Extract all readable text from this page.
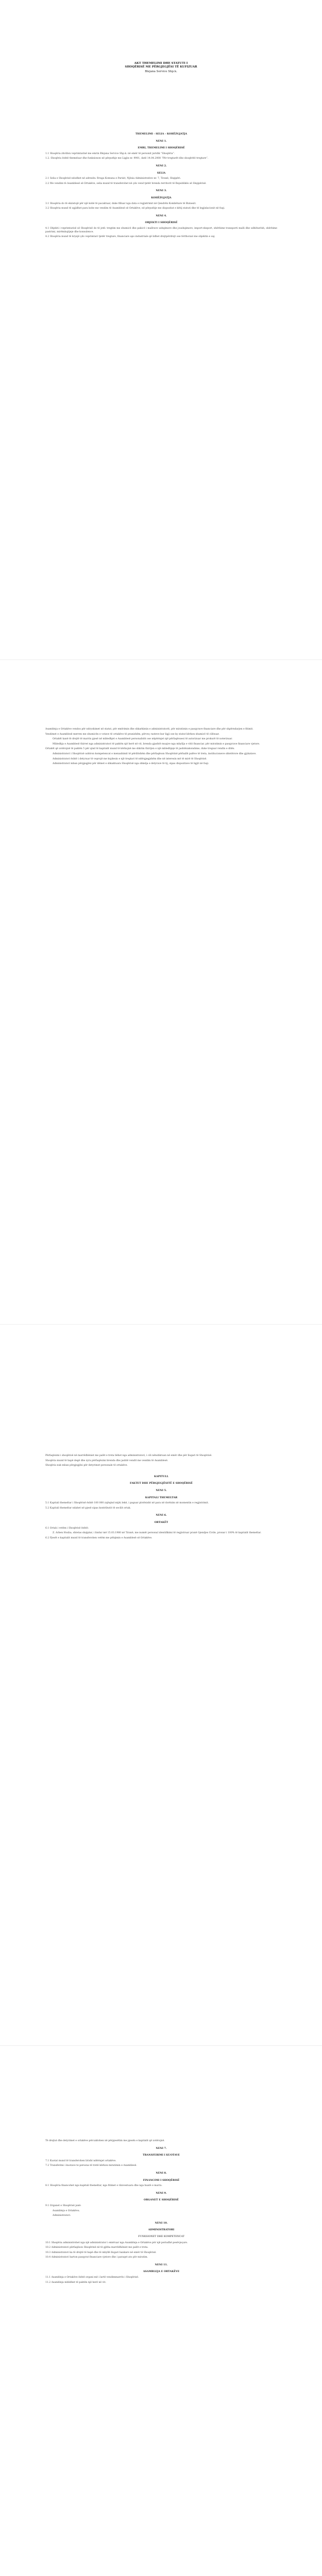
AKT THEMELIMI DHE STATUTI I
SHOQËRISË ME PËRGJEGJËSI TË KUFIZUAR
Blejana Service Shp.k.
THEMELIMI - SELIA - KOHËZGJATJA
NENI 1.
EMRI, THEMELIMI I SHOQËRISË
1.1 Shoqëria zhvillon veprimtarinë me emrin Blejana Service Shp.k. në emër të personit juridik “Shoqëria”.
1.2. Shoqëria është themeluar dhe funksionon në përputhje me Ligjin nr. 9901, datë 14.04.2008 “Për tregtarët dhe shoqëritë tregtare”.
NENI 2.
SELIA
2.1 Selia e Shoqërisë ndodhet në adresën: Rruga Komuna e Parisit, Njësia Administrative nr. 7, Tiranë, Shqipëri.
2.2 Me vendim të Asamblesë së Ortakëve, selia mund të transferohet në çdo vend tjetër brenda territorit të Republikës së Shqipërisë.
NENI 3.
KOHËZGJATJA
3.1 Shoqëria do të ekzistojë për një kohë të pacaktuar, duke filluar nga data e regjistrimit në Qendrën Kombëtare të Biznesit.
3.2 Shoqëria mund të zgjidhet para kohe me vendim të Asamblesë së Ortakëve, në përputhje me dispozitat e këtij statuti dhe të legjislacionit në fuqi.
NENI 4.
OBJEKTI I SHOQËRISË
4.1 Objekti i veprimtarisë së Shoqërisë do të jetë: tregtim me shumicë dhe pakicë i mallrave ushqimore dhe joushqimore, import-eksport, shërbime transporti malli dhe udhëtarësh, shërbime pastrimi, mirëmbajtjeje dhe konsulence.
4.2 Shoqëria mund të kryejë çdo veprimtari tjetër tregtare, financiare apo industriale që lidhet drejtpërdrejt ose tërthorazi me objektin e saj.
Asambleja e Ortakëve vendos për ndryshimet në statut, për emërimin dhe shkarkimin e administratorit, për miratimin e pasqyrave financiare dhe për shpërndarjen e fitimit.
Vendimet e Asamblesë merren me shumicën e votave të ortakëve të pranishëm, përveç rasteve kur ligji ose ky statut kërkon shumicë të cilësuar.
Ortakët kanë të drejtë të marrin pjesë në mbledhjet e Asamblesë personalisht ose nëpërmjet një përfaqësuesi të autorizuar me prokurë të noterizuar.
Mbledhja e Asamblesë thirret nga administratori të paktën një herë në vit, brenda gjashtë muajve nga mbyllja e vitit financiar, për miratimin e pasqyrave financiare vjetore.
Ortakët që zotërojnë të paktën 5 për qind të kapitalit mund të kërkojnë me shkrim thirrjen e një mbledhjeje të jashtëzakonshme, duke treguar rendin e ditës.
Administratori i Shoqërisë ushtron kompetencat e menaxhimit të përditshëm dhe përfaqëson Shoqërinë përballë palëve të treta, institucioneve shtetërore dhe gjykatave.
Administratori është i detyruar të veprojë me kujdesin e një tregtari të ndërgjegjshëm dhe në interesin më të mirë të Shoqërisë.
Administratori mban përgjegjësi për dëmet e shkaktuara Shoqërisë nga shkelja e detyrave të tij, sipas dispozitave të ligjit në fuqi.
Përfaqësimi i shoqërisë në marrëdhëniet me palët e treta bëhet nga administratori, i cili nënshkruan në emër dhe për llogari të Shoqërisë.
Shoqëria mund të hapë degë dhe zyra përfaqësimi brenda dhe jashtë vendit me vendim të Asamblesë.
Shoqëria nuk mban përgjegjësi për detyrimet personale të ortakëve.
KAPITULL
FAKTET DHE PËRGJEGJËSITË E SHOQËRISË
NENI 5.
KAPITALI THEMELTAR
5.1 Kapitali themeltar i Shoqërisë është 100 000 (njëqind mijë) lekë, i paguar plotësisht në para në dorëzim në momentin e regjistrimit.
5.2 Kapitali themeltar ndahet në pjesë sipas kontributit të secilit ortak.
NENI 6.
ORTAKËT
6.1 Ortak i vetëm i Shoqërisë është:
Z. Arben Hoxha, shtetas shqiptar, i lindur më 15.03.1980 në Tiranë, me numër personal identifikimi të regjistruar pranë Gjendjes Civile, pronar i 100% të kapitalit themeltar.
6.2 Pjesët e kapitalit mund të transferohen vetëm me pëlqimin e Asamblesë së Ortakëve.
Të drejtat dhe detyrimet e ortakëve përcaktohen në përpjesëtim me pjesën e kapitalit që zotërojnë.
NENI 7.
TRANSFERIMI I KUOTAVE
7.1 Kuotat mund të transferohen lirisht ndërmjet ortakëve.
7.2 Transferimi i kuotave te persona të tretë kërkon miratimin e Asamblesë.
NENI 8.
FINANCIMI I SHOQËRISË
8.1 Shoqëria financohet nga kapitali themeltar, nga fitimet e riinvestuara dhe nga huatë e marra.
NENI 9.
ORGANET E SHOQËRISË
9.1 Organet e Shoqërisë janë:
Asambleja e Ortakëve;
Administratori.
NENI 10.
ADMINISTRATORI
FUNKSIONET DHE KOMPETENCAT
10.1 Shoqëria administrohet nga një administrator i emëruar nga Asambleja e Ortakëve për një periudhë pesëvjeçare.
10.2 Administratori përfaqëson Shoqërinë në të gjitha marrëdhëniet me palët e treta.
10.3 Administratori ka të drejtë të hapë dhe të mbyllë llogari bankare në emër të Shoqërisë.
10.4 Administratori harton pasqyrat financiare vjetore dhe i paraqet ato për miratim.
NENI 11.
ASAMBLEJA E ORTAKËVE
11.1 Asambleja e Ortakëve është organi më i lartë vendimmarrës i Shoqërisë.
11.2 Asambleja mblidhet të paktën një herë në vit.
